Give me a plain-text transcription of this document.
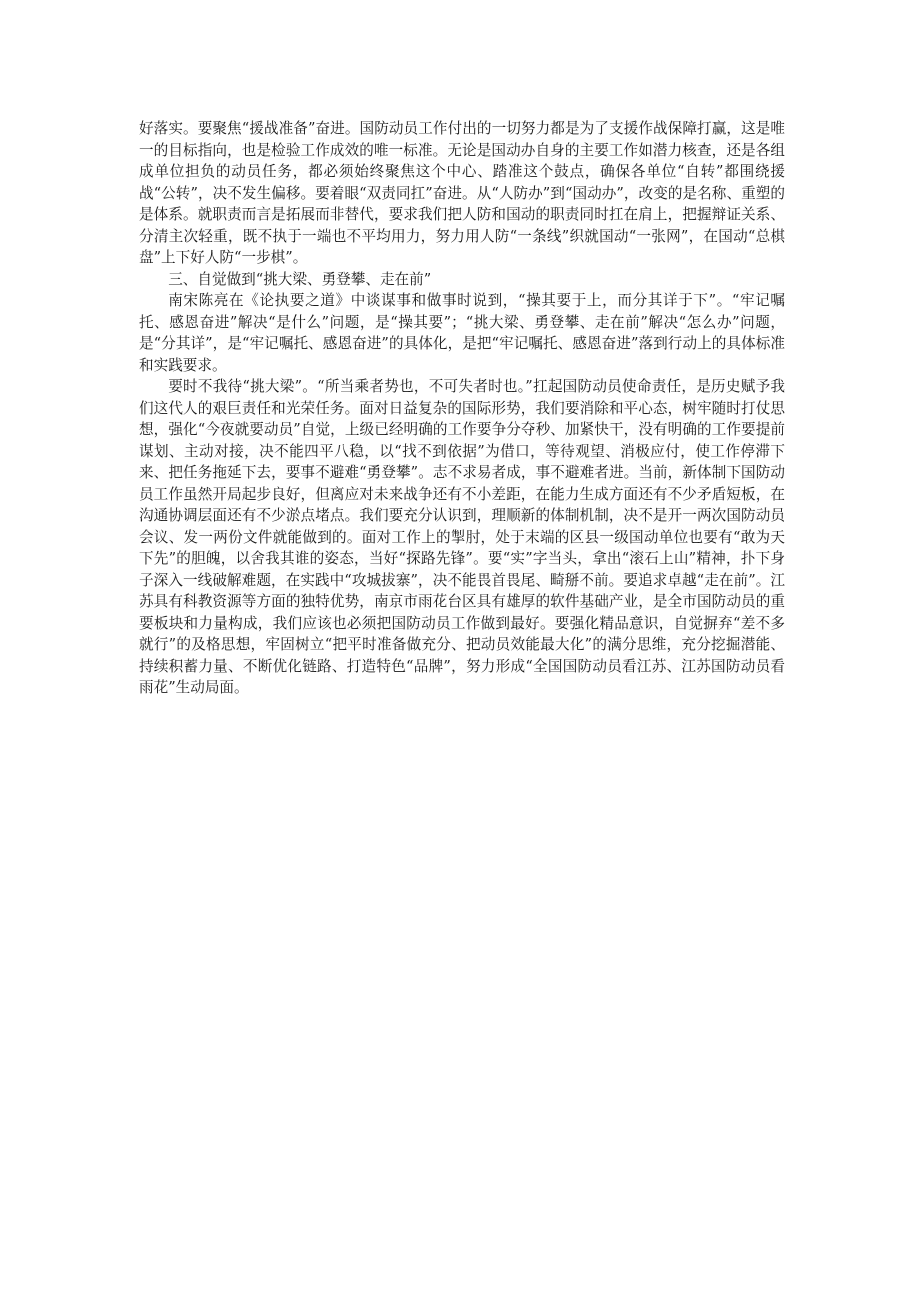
好落实。要聚焦“援战准备”奋进。国防动员工作付出的一切努力都是为了支援作战保障打赢，这是唯一的目标指向，也是检验工作成效的唯一标准。无论是国动办自身的主要工作如潜力核查，还是各组成单位担负的动员任务，都必须始终聚焦这个中心、踏准这个鼓点，确保各单位“自转”都围绕援战“公转”，决不发生偏移。要着眼“双责同扛”奋进。从“人防办”到“国动办”，改变的是名称、重塑的是体系。就职责而言是拓展而非替代，要求我们把人防和国动的职责同时扛在肩上，把握辩证关系、分清主次轻重，既不执于一端也不平均用力，努力用人防“一条线”织就国动“一张网”，在国动“总棋盘”上下好人防“一步棋”。

三、自觉做到“挑大梁、勇登攀、走在前”

南宋陈亮在《论执要之道》中谈谋事和做事时说到，“操其要于上，而分其详于下”。“牢记嘱托、感恩奋进”解决“是什么”问题，是“操其要”；“挑大梁、勇登攀、走在前”解决“怎么办”问题，是“分其详”，是“牢记嘱托、感恩奋进”的具体化，是把“牢记嘱托、感恩奋进”落到行动上的具体标准和实践要求。

要时不我待“挑大梁”。“所当乘者势也，不可失者时也。”扛起国防动员使命责任，是历史赋予我们这代人的艰巨责任和光荣任务。面对日益复杂的国际形势，我们要消除和平心态，树牢随时打仗思想，强化“今夜就要动员”自觉，上级已经明确的工作要争分夺秒、加紧快干，没有明确的工作要提前谋划、主动对接，决不能四平八稳，以“找不到依据”为借口，等待观望、消极应付，使工作停滞下来、把任务拖延下去，要事不避难“勇登攀”。志不求易者成，事不避难者进。当前，新体制下国防动员工作虽然开局起步良好，但离应对未来战争还有不小差距，在能力生成方面还有不少矛盾短板，在沟通协调层面还有不少淤点堵点。我们要充分认识到，理顺新的体制机制，决不是开一两次国防动员会议、发一两份文件就能做到的。面对工作上的掣肘，处于末端的区县一级国动单位也要有“敢为天下先”的胆魄，以舍我其谁的姿态，当好“探路先锋”。要“实”字当头，拿出“滚石上山”精神，扑下身子深入一线破解难题，在实践中“攻城拔寨”，决不能畏首畏尾、畸掰不前。要追求卓越“走在前”。江苏具有科教资源等方面的独特优势，南京市雨花台区具有雄厚的软件基础产业，是全市国防动员的重要板块和力量构成，我们应该也必须把国防动员工作做到最好。要强化精品意识，自觉摒弃“差不多就行”的及格思想，牢固树立“把平时准备做充分、把动员效能最大化”的满分思维，充分挖掘潜能、持续积蓄力量、不断优化链路、打造特色“品牌”，努力形成“全国国防动员看江苏、江苏国防动员看雨花”生动局面。
